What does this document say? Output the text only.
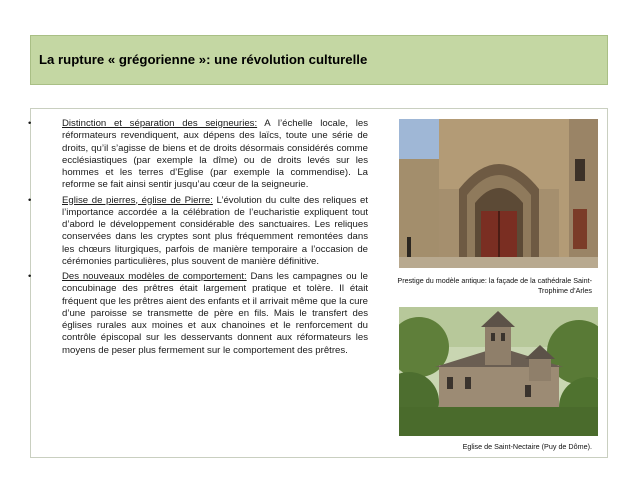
La rupture « grégorienne »: une révolution culturelle
•	Distinction et séparation des seigneuries: A l’échelle locale, les réformateurs revendiquent, aux dépens des laïcs, toute une série de droits, qu’il s’agisse de biens et de droits désormais considérés comme ecclésiastiques (par exemple la dîme) ou de droits levés sur les hommes et les terres d’Eglise (par exemple la commendise). La reforme se fait ainsi sentir jusqu’au cœur de la seigneurie.
•	Eglise de pierres, église de Pierre: L’évolution du culte des reliques et l’importance accordée a la célébration de l’eucharistie expliquent tout d’abord le développement considérable des sanctuaires. Les reliques conservées dans les cryptes sont plus fréquemment remontées dans les chœurs liturgiques, parfois de manière temporaire a l’occasion de cérémonies particulières, plus souvent de manière définitive.
•	Des nouveaux modèles de comportement: Dans les campagnes ou le concubinage des prêtres était largement pratique et tolère. Il était fréquent que les prêtres aient des enfants et il arrivait même que la cure d’une paroisse se transmette de père en fils. Mais le transfert des églises rurales aux moines et aux chanoines et le renforcement du contrôle épiscopal sur les desservants donnent aux réformateurs les moyens de peser plus fermement sur le comportement des prêtres.
Prestige du modèle antique: la façade de la cathédrale Saint-Trophime d’Arles
Eglise de Saint-Nectaire (Puy de Dôme).
